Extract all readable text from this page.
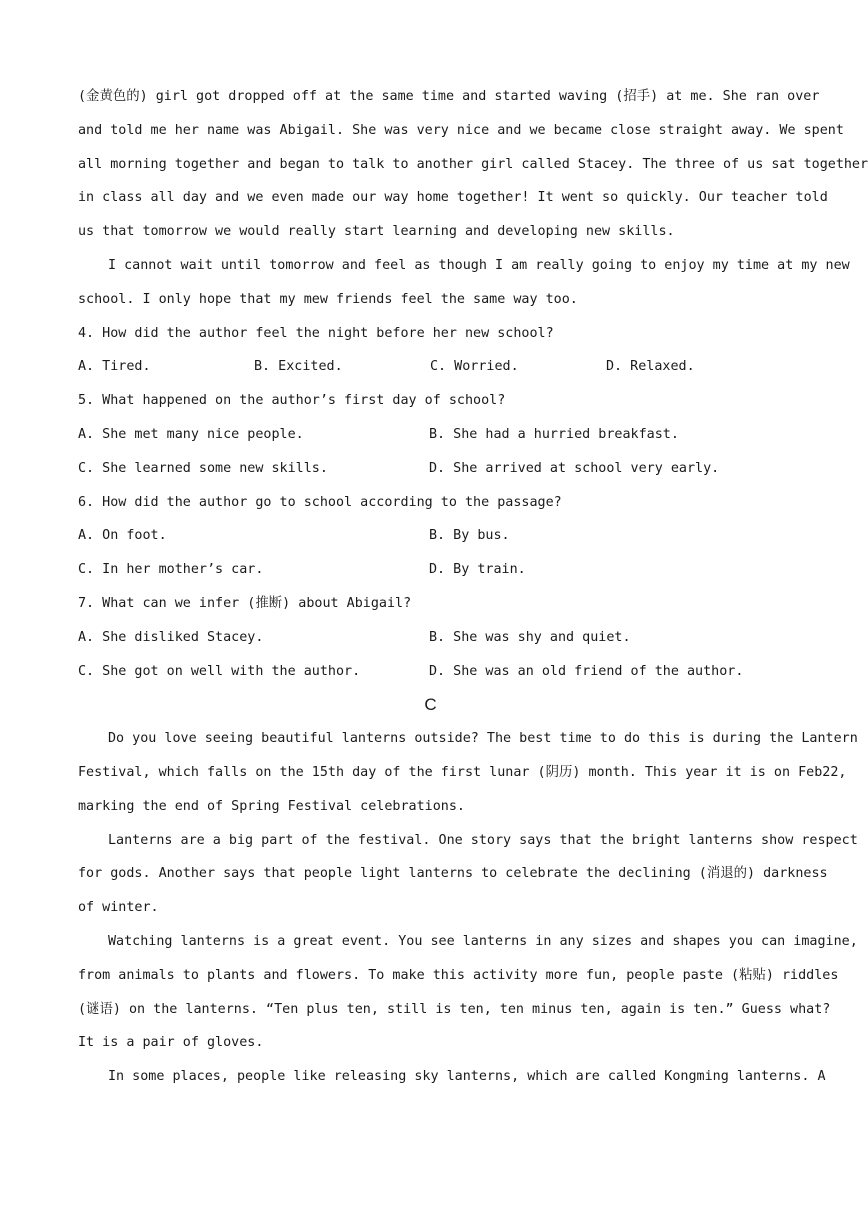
(金黄色的) girl got dropped off at the same time and started waving (招手) at me. She ran over
and told me her name was Abigail. She was very nice and we became close straight away. We spent
all morning together and began to talk to another girl called Stacey. The three of us sat together
in class all day and we even made our way home together! It went so quickly. Our teacher told
us that tomorrow we would really start learning and developing new skills.
I cannot wait until tomorrow and feel as though I am really going to enjoy my time at my new
school. I only hope that my mew friends feel the same way too.
4. How did the author feel the night before her new school?
A. Tired.	B. Excited.	C. Worried.	D. Relaxed.
5. What happened on the author’s first day of school?
A. She met many nice people.	B. She had a hurried breakfast.
C. She learned some new skills.	D. She arrived at school very early.
6. How did the author go to school according to the passage?
A. On foot.	B. By bus.
C. In her mother’s car.	D. By train.
7. What can we infer (推断) about Abigail?
A. She disliked Stacey.	B. She was shy and quiet.
C. She got on well with the author.	D. She was an old friend of the author.
C
Do you love seeing beautiful lanterns outside? The best time to do this is during the Lantern
Festival, which falls on the 15th day of the first lunar (阴历) month. This year it is on Feb22,
marking the end of Spring Festival celebrations.
Lanterns are a big part of the festival. One story says that the bright lanterns show respect
for gods. Another says that people light lanterns to celebrate the declining (消退的) darkness
of winter.
Watching lanterns is a great event. You see lanterns in any sizes and shapes you can imagine,
from animals to plants and flowers. To make this activity more fun, people paste (粘贴) riddles
(谜语) on the lanterns. “Ten plus ten, still is ten, ten minus ten, again is ten.” Guess what?
It is a pair of gloves.
In some places, people like releasing sky lanterns, which are called Kongming lanterns. A
